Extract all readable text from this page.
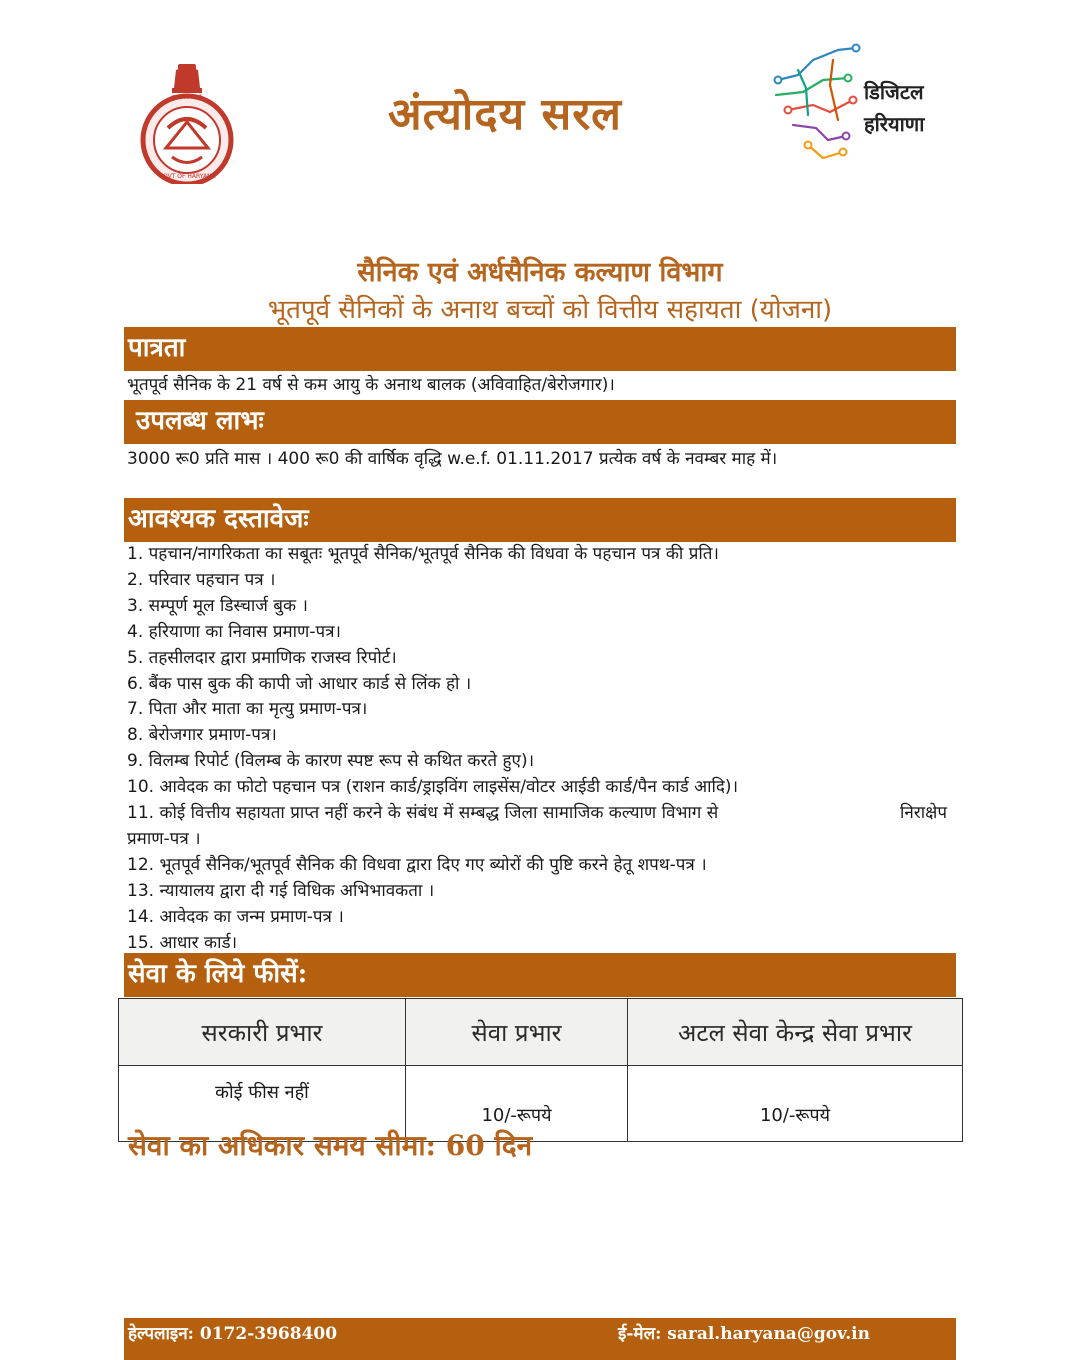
सत्यमेव जयते
GOVT OF HARYANA
अंत्योदय सरल	डिजिटल
हरियाणा
सैनिक एवं अर्धसैनिक कल्याण विभाग
भूतपूर्व सैनिकों के अनाथ बच्चों को वित्तीय सहायता (योजना)
पात्रता
भूतपूर्व सैनिक के 21 वर्ष से कम आयु के अनाथ बालक (अविवाहित/बेरोजगार)।
उपलब्ध लाभः
3000 रू0 प्रति मास । 400 रू0 की वार्षिक वृद्धि w.e.f. 01.11.2017 प्रत्येक वर्ष के नवम्बर माह में।
आवश्यक दस्तावेजः
1. पहचान/नागरिकता का सबूतः भूतपूर्व सैनिक/भूतपूर्व सैनिक की विधवा के पहचान पत्र की प्रति।
2. परिवार पहचान पत्र ।
3. सम्पूर्ण मूल डिस्चार्ज बुक ।
4. हरियाणा का निवास प्रमाण-पत्र।
5. तहसीलदार द्वारा प्रमाणिक राजस्व रिपोर्ट।
6. बैंक पास बुक की कापी जो आधार कार्ड से लिंक हो ।
7. पिता और माता का मृत्यु प्रमाण-पत्र।
8. बेरोजगार प्रमाण-पत्र।
9. विलम्ब रिपोर्ट (विलम्ब के कारण स्पष्ट रूप से कथित करते हुए)।
10. आवेदक का फोटो पहचान पत्र (राशन कार्ड/ड्राइविंग लाइसेंस/वोटर आईडी कार्ड/पैन कार्ड आदि)।
11. कोई वित्तीय सहायता प्राप्त नहीं करने के संबंध में सम्बद्ध जिला सामाजिक कल्याण विभाग से	निराक्षेप
प्रमाण-पत्र ।
12. भूतपूर्व सैनिक/भूतपूर्व सैनिक की विधवा द्वारा दिए गए ब्योरों की पुष्टि करने हेतू शपथ-पत्र ।
13. न्यायालय द्वारा दी गई विधिक अभिभावकता ।
14. आवेदक का जन्म प्रमाण-पत्र ।
15. आधार कार्ड।
सेवा के लिये फीसें:
सरकारी प्रभार	सेवा प्रभार	अटल सेवा केन्द्र सेवा प्रभार
कोई फीस नहीं	10/-रूपये	10/-रूपये
सेवा का अधिकार समय सीमा: 60 दिन
हेल्पलाइन: 0172-3968400	ई-मेल: saral.haryana@gov.in
